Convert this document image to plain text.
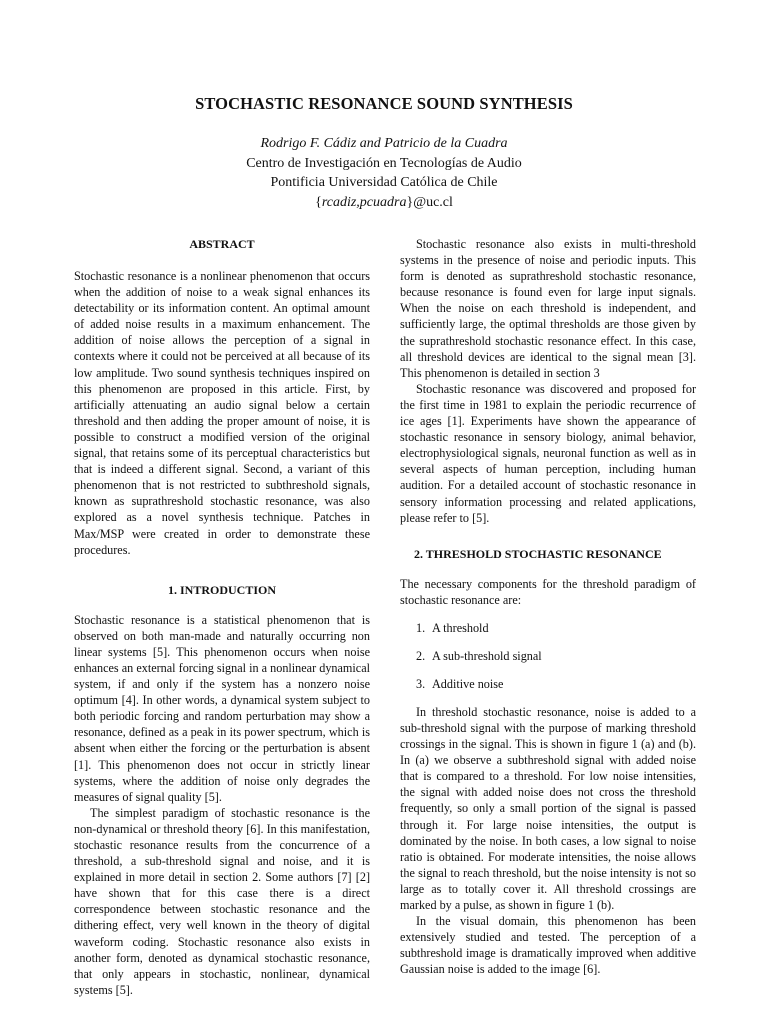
STOCHASTIC RESONANCE SOUND SYNTHESIS
Rodrigo F. Cádiz and Patricio de la Cuadra
Centro de Investigación en Tecnologías de Audio
Pontificia Universidad Católica de Chile
{rcadiz,pcuadra}@uc.cl
ABSTRACT

Stochastic resonance is a nonlinear phenomenon that occurs when the addition of noise to a weak signal enhances its detectability or its information content. An optimal amount of added noise results in a maximum enhancement. The addition of noise allows the perception of a signal in contexts where it could not be perceived at all because of its low amplitude. Two sound synthesis techniques inspired on this phenomenon are proposed in this article. First, by artificially attenuating an audio signal below a certain threshold and then adding the proper amount of noise, it is possible to construct a modified version of the original signal, that retains some of its perceptual characteristics but that is indeed a different signal. Second, a variant of this phenomenon that is not restricted to subthreshold signals, known as suprathreshold stochastic resonance, was also explored as a novel synthesis technique. Patches in Max/MSP were created in order to demonstrate these procedures.

1. INTRODUCTION

Stochastic resonance is a statistical phenomenon that is observed on both man-made and naturally occurring non linear systems [5]. This phenomenon occurs when noise enhances an external forcing signal in a nonlinear dynamical system, if and only if the system has a nonzero noise optimum [4]. In other words, a dynamical system subject to both periodic forcing and random perturbation may show a resonance, defined as a peak in its power spectrum, which is absent when either the forcing or the perturbation is absent [1]. This phenomenon does not occur in strictly linear systems, where the addition of noise only degrades the measures of signal quality [5].

The simplest paradigm of stochastic resonance is the non-dynamical or threshold theory [6]. In this manifestation, stochastic resonance results from the concurrence of a threshold, a sub-threshold signal and noise, and it is explained in more detail in section 2. Some authors [7] [2] have shown that for this case there is a direct correspondence between stochastic resonance and the dithering effect, very well known in the theory of digital waveform coding. Stochastic resonance also exists in another form, denoted as dynamical stochastic resonance, that only appears in stochastic, nonlinear, dynamical systems [5].

Stochastic resonance also exists in multi-threshold systems in the presence of noise and periodic inputs. This form is denoted as suprathreshold stochastic resonance, because resonance is found even for large input signals. When the noise on each threshold is independent, and sufficiently large, the optimal thresholds are those given by the suprathreshold stochastic resonance effect. In this case, all threshold devices are identical to the signal mean [3]. This phenomenon is detailed in section 3

Stochastic resonance was discovered and proposed for the first time in 1981 to explain the periodic recurrence of ice ages [1]. Experiments have shown the appearance of stochastic resonance in sensory biology, animal behavior, electrophysiological signals, neuronal function as well as in several aspects of human perception, including human audition. For a detailed account of stochastic resonance in sensory information processing and related applications, please refer to [5].

2. THRESHOLD STOCHASTIC RESONANCE

The necessary components for the threshold paradigm of stochastic resonance are:

1. A threshold
2. A sub-threshold signal
3. Additive noise

In threshold stochastic resonance, noise is added to a sub-threshold signal with the purpose of marking threshold crossings in the signal. This is shown in figure 1 (a) and (b). In (a) we observe a subthreshold signal with added noise that is compared to a threshold. For low noise intensities, the signal with added noise does not cross the threshold frequently, so only a small portion of the signal is passed through it. For large noise intensities, the output is dominated by the noise. In both cases, a low signal to noise ratio is obtained. For moderate intensities, the noise allows the signal to reach threshold, but the noise intensity is not so large as to totally cover it. All threshold crossings are marked by a pulse, as shown in figure 1 (b).

In the visual domain, this phenomenon has been extensively studied and tested. The perception of a subthreshold image is dramatically improved when additive Gaussian noise is added to the image [6].
